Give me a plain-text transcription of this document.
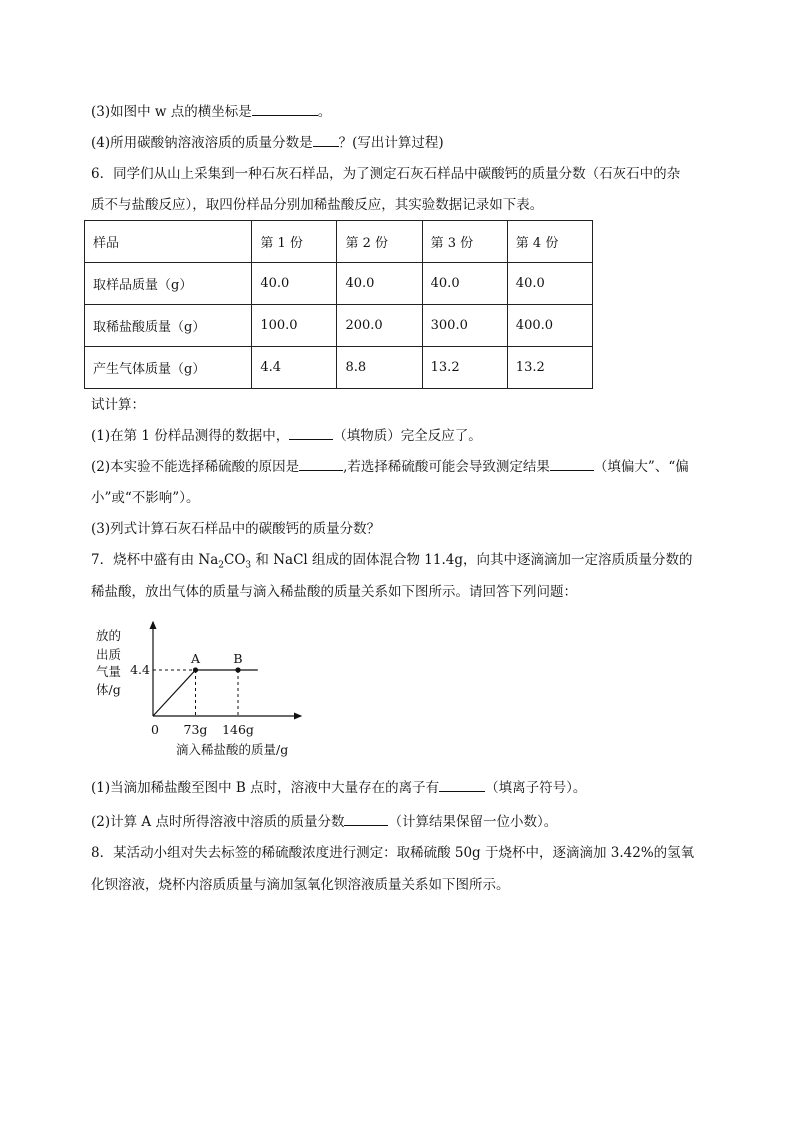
(3)如图中 w 点的横坐标是	。
(4)所用碳酸钠溶液溶质的质量分数是 ？(写出计算过程)
6．同学们从山上采集到一种石灰石样品，为了测定石灰石样品中碳酸钙的质量分数（石灰石中的杂
质不与盐酸反应），取四份样品分别加稀盐酸反应，其实验数据记录如下表。
样品	第 1 份	第 2 份	第 3 份	第 4 份
取样品质量（g）	40.0	40.0	40.0	40.0
取稀盐酸质量（g）	100.0	200.0	300.0	400.0
产生气体质量（g）	4.4	8.8	13.2	13.2
试计算：
(1)在第 1 份样品测得的数据中，	（填物质）完全反应了。
(2)本实验不能选择稀硫酸的原因是	,若选择稀硫酸可能会导致测定结果	（填偏大”、“偏
小”或“不影响”）。
(3)列式计算石灰石样品中的碳酸钙的质量分数？
7．烧杯中盛有由 $Na_2CO_3$ 和 NaCl 组成的固体混合物 11.4g，向其中逐滴滴加一定溶质质量分数的
稀盐酸，放出气体的质量与滴入稀盐酸的质量关系如下图所示。请回答下列问题：
放的
出质
气量
体/g
4.4
0 73g 146g
滴入稀盐酸的质量/g
A	B
(1)当滴加稀盐酸至图中 B 点时，溶液中大量存在的离子有	（填离子符号）。
(2)计算 A 点时所得溶液中溶质的质量分数	（计算结果保留一位小数）。
8．某活动小组对失去标签的稀硫酸浓度进行测定：取稀硫酸 50g 于烧杯中，逐滴滴加 3.42%的氢氧
化钡溶液，烧杯内溶质质量与滴加氢氧化钡溶液质量关系如下图所示。
